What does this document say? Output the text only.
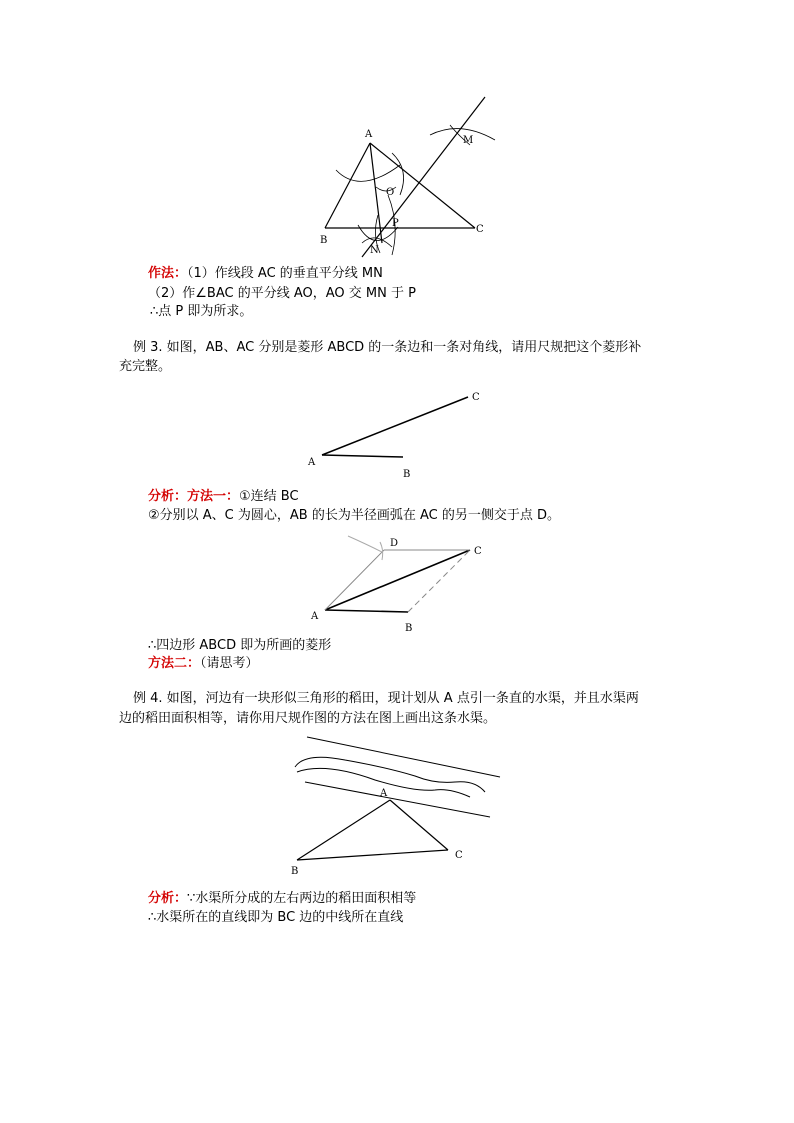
A
B
C
M
N
O
P
作法：（1）作线段 AC 的垂直平分线 MN
（2）作∠BAC 的平分线 AO，AO 交 MN 于 P
∴点 P 即为所求。
例 3. 如图，AB、AC 分别是菱形 ABCD 的一条边和一条对角线，请用尺规把这个菱形补
充完整。
A
B
C
分析：方法一：①连结 BC
②分别以 A、C 为圆心，AB 的长为半径画弧在 AC 的另一侧交于点 D。
A
B
C
D
∴四边形 ABCD 即为所画的菱形
方法二：（请思考）
例 4. 如图，河边有一块形似三角形的稻田，现计划从 A 点引一条直的水渠，并且水渠两
边的稻田面积相等，请你用尺规作图的方法在图上画出这条水渠。
A
B
C
分析：∵水渠所分成的左右两边的稻田面积相等
∴水渠所在的直线即为 BC 边的中线所在直线
